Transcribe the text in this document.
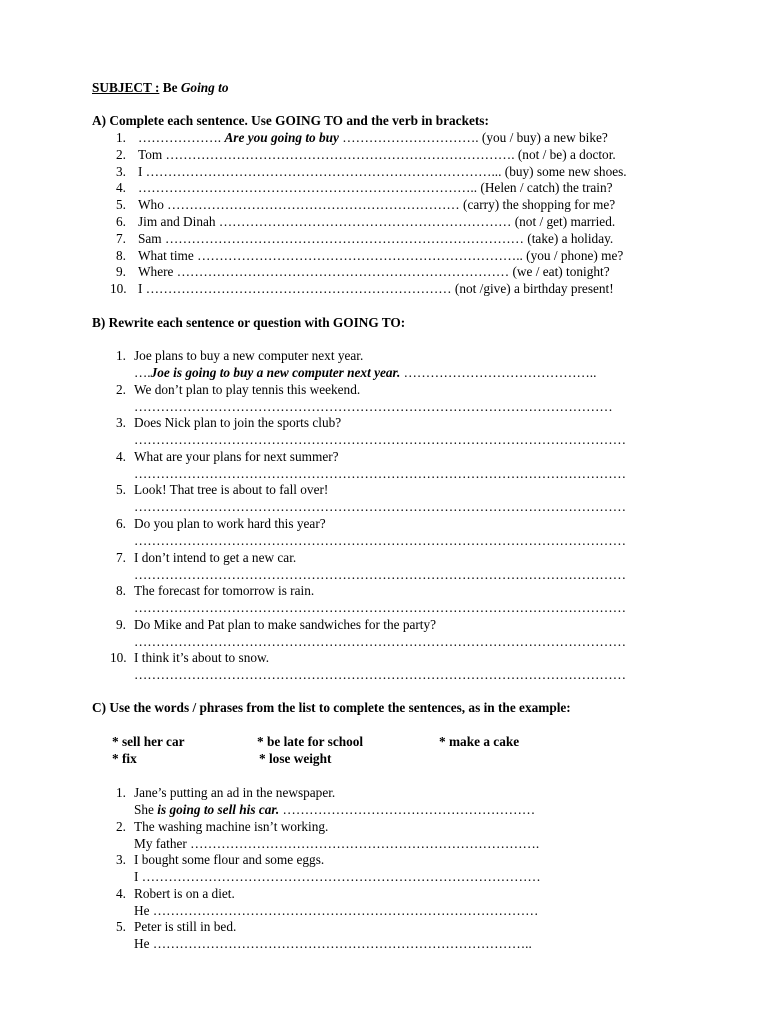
SUBJECT : Be Going to
A) Complete each sentence. Use GOING TO and the verb in brackets:
1. ………………. Are you going to buy …………………………. (you / buy) a new bike?
2. Tom ……………………………………………………………………. (not / be) a doctor.
3. I ……………………………………………………………………... (buy) some new shoes.
4. ………………………………………………………………….. (Helen / catch) the train?
5. Who ………………………………………………………… (carry) the shopping for me?
6. Jim and Dinah ………………………………………………………… (not / get) married.
7. Sam ……………………………………………………………………… (take) a holiday.
8. What time ……………………………………………………………….. (you / phone) me?
9. Where ………………………………………………………………… (we / eat) tonight?
10. I …………………………………………………………… (not /give) a birthday present!
B) Rewrite each sentence or question with GOING TO:
1. Joe plans to buy a new computer next year.
….Joe is going to buy a new computer next year. ……………………………………..
2. We don’t plan to play tennis this weekend.
………………………………………………………………………………………………
3. Does Nick plan to join the sports club?
…………………………………………………………………………………………………
4. What are your plans for next summer?
…………………………………………………………………………………………………
5. Look! That tree is about to fall over!
…………………………………………………………………………………………………
6. Do you plan to work hard this year?
…………………………………………………………………………………………………
7. I don’t intend to get a new car.
…………………………………………………………………………………………………
8. The forecast for tomorrow is rain.
…………………………………………………………………………………………………
9. Do Mike and Pat plan to make sandwiches for the party?
…………………………………………………………………………………………………
10. I think it’s about to snow.
…………………………………………………………………………………………………
C) Use the words / phrases from the list to complete the sentences, as in the example:
* sell her car	* be late for school	* make a cake
* fix	* lose weight
1. Jane’s putting an ad in the newspaper.
She is going to sell his car. …………………………………………………
2. The washing machine isn’t working.
My father …………………………………………………………………….
3. I bought some flour and some eggs.
I ………………………………………………………………………………
4. Robert is on a diet.
He ……………………………………………………………………………
5. Peter is still in bed.
He …………………………………………………………………………..
